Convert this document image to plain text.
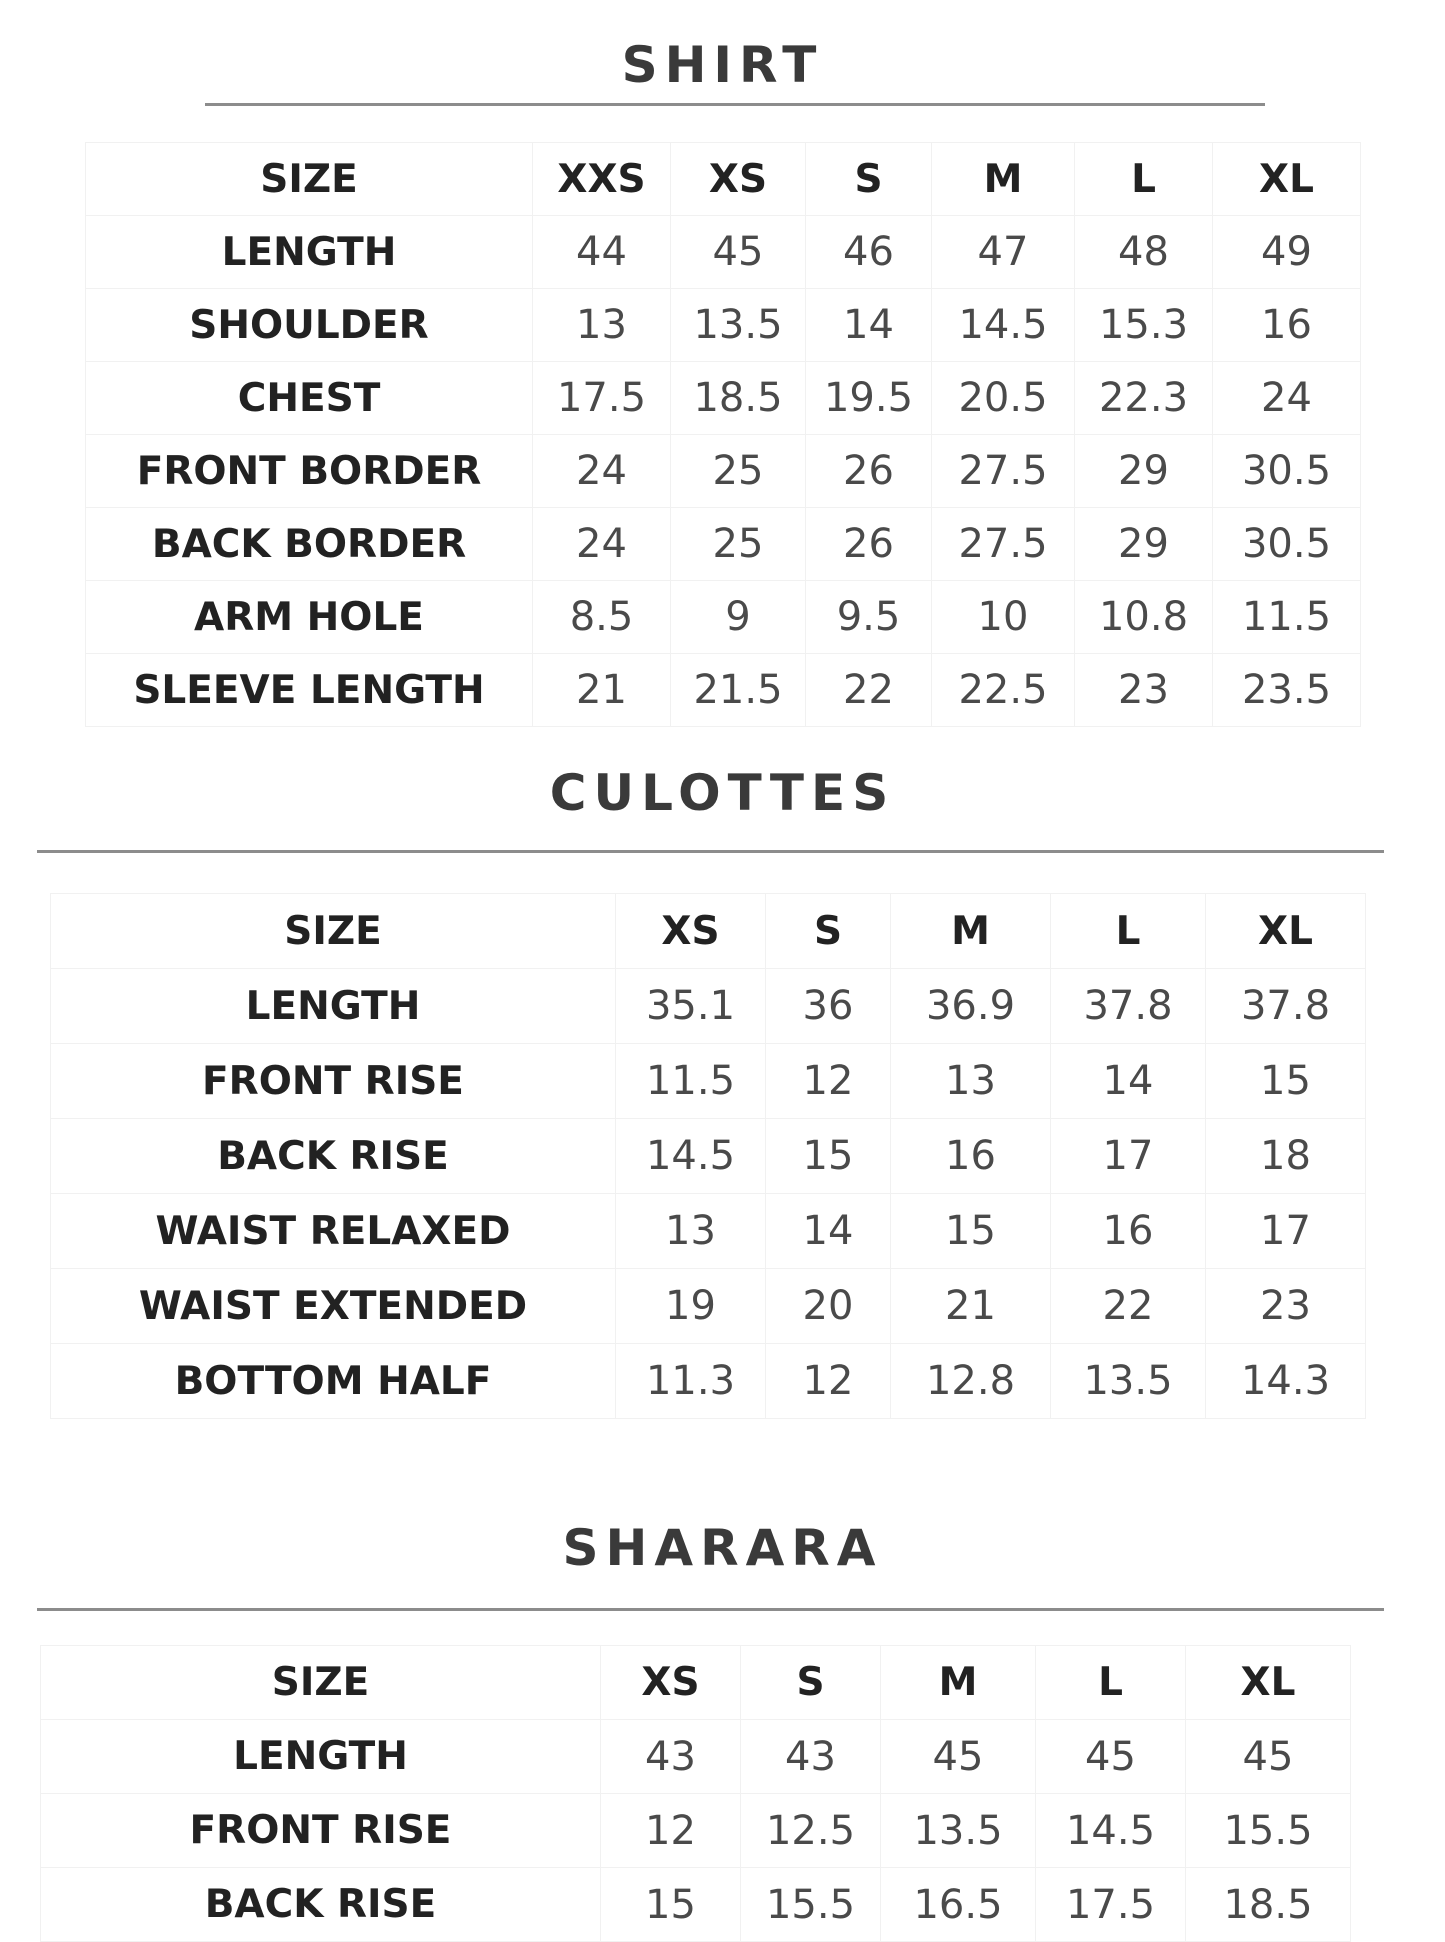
SHIRT
SIZE	XXS	XS	S	M	L	XL
LENGTH	44	45	46	47	48	49
SHOULDER	13	13.5	14	14.5	15.3	16
CHEST	17.5	18.5	19.5	20.5	22.3	24
FRONT BORDER	24	25	26	27.5	29	30.5
BACK BORDER	24	25	26	27.5	29	30.5
ARM HOLE	8.5	9	9.5	10	10.8	11.5
SLEEVE LENGTH	21	21.5	22	22.5	23	23.5
CULOTTES
SIZE	XS	S	M	L	XL
LENGTH	35.1	36	36.9	37.8	37.8
FRONT RISE	11.5	12	13	14	15
BACK RISE	14.5	15	16	17	18
WAIST RELAXED	13	14	15	16	17
WAIST EXTENDED	19	20	21	22	23
BOTTOM HALF	11.3	12	12.8	13.5	14.3
SHARARA
SIZE	XS	S	M	L	XL
LENGTH	43	43	45	45	45
FRONT RISE	12	12.5	13.5	14.5	15.5
BACK RISE	15	15.5	16.5	17.5	18.5
